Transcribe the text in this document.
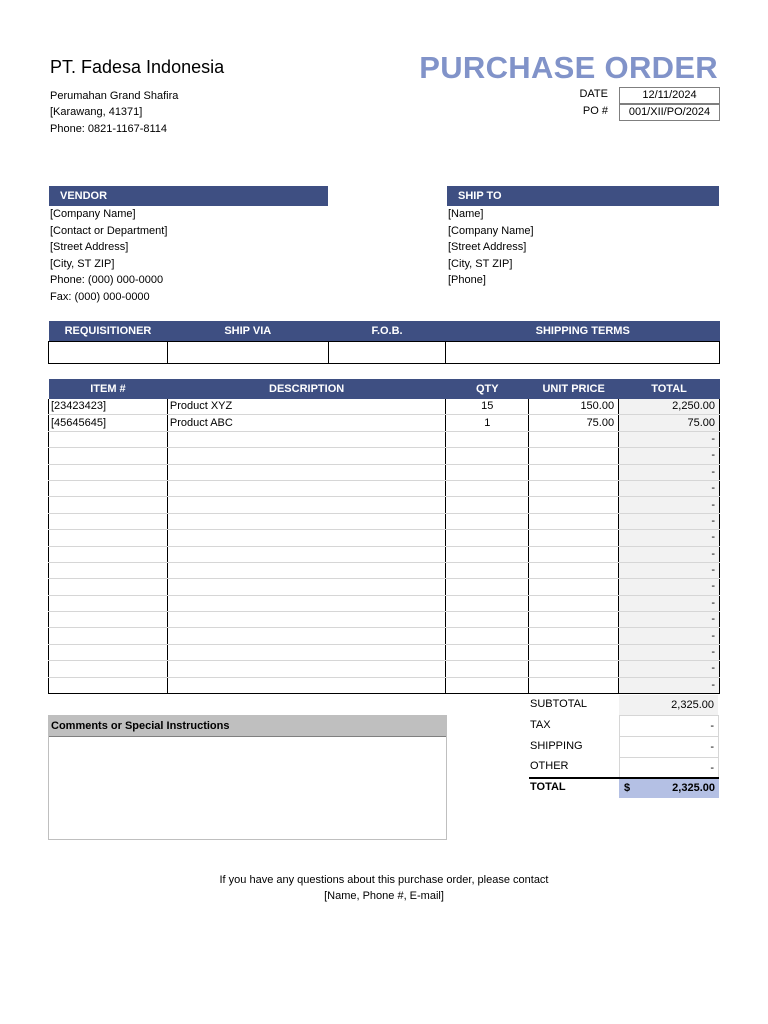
PT. Fadesa Indonesia
Perumahan Grand Shafira
[Karawang, 41371]
Phone: 0821-1167-8114
PURCHASE ORDER
DATE	12/11/2024
PO #	001/XII/PO/2024
VENDOR
[Company Name]
[Contact or Department]
[Street Address]
[City, ST ZIP]
Phone: (000) 000-0000
Fax: (000) 000-0000
SHIP TO
[Name]
[Company Name]
[Street Address]
[City, ST ZIP]
[Phone]
REQUISITIONER	SHIP VIA	F.O.B.	SHIPPING TERMS

ITEM #	DESCRIPTION	QTY	UNIT PRICE	TOTAL
[23423423]	Product XYZ	15	150.00	2,250.00
[45645645]	Product ABC	1	75.00	75.00
				-
				-
				-
				-
				-
				-
				-
				-
				-
				-
				-
				-
				-
				-
				-
				-
Comments or Special Instructions
SUBTOTAL	2,325.00
TAX	-
SHIPPING	-
OTHER	-
TOTAL	$	2,325.00
If you have any questions about this purchase order, please contact
[Name, Phone #, E-mail]
